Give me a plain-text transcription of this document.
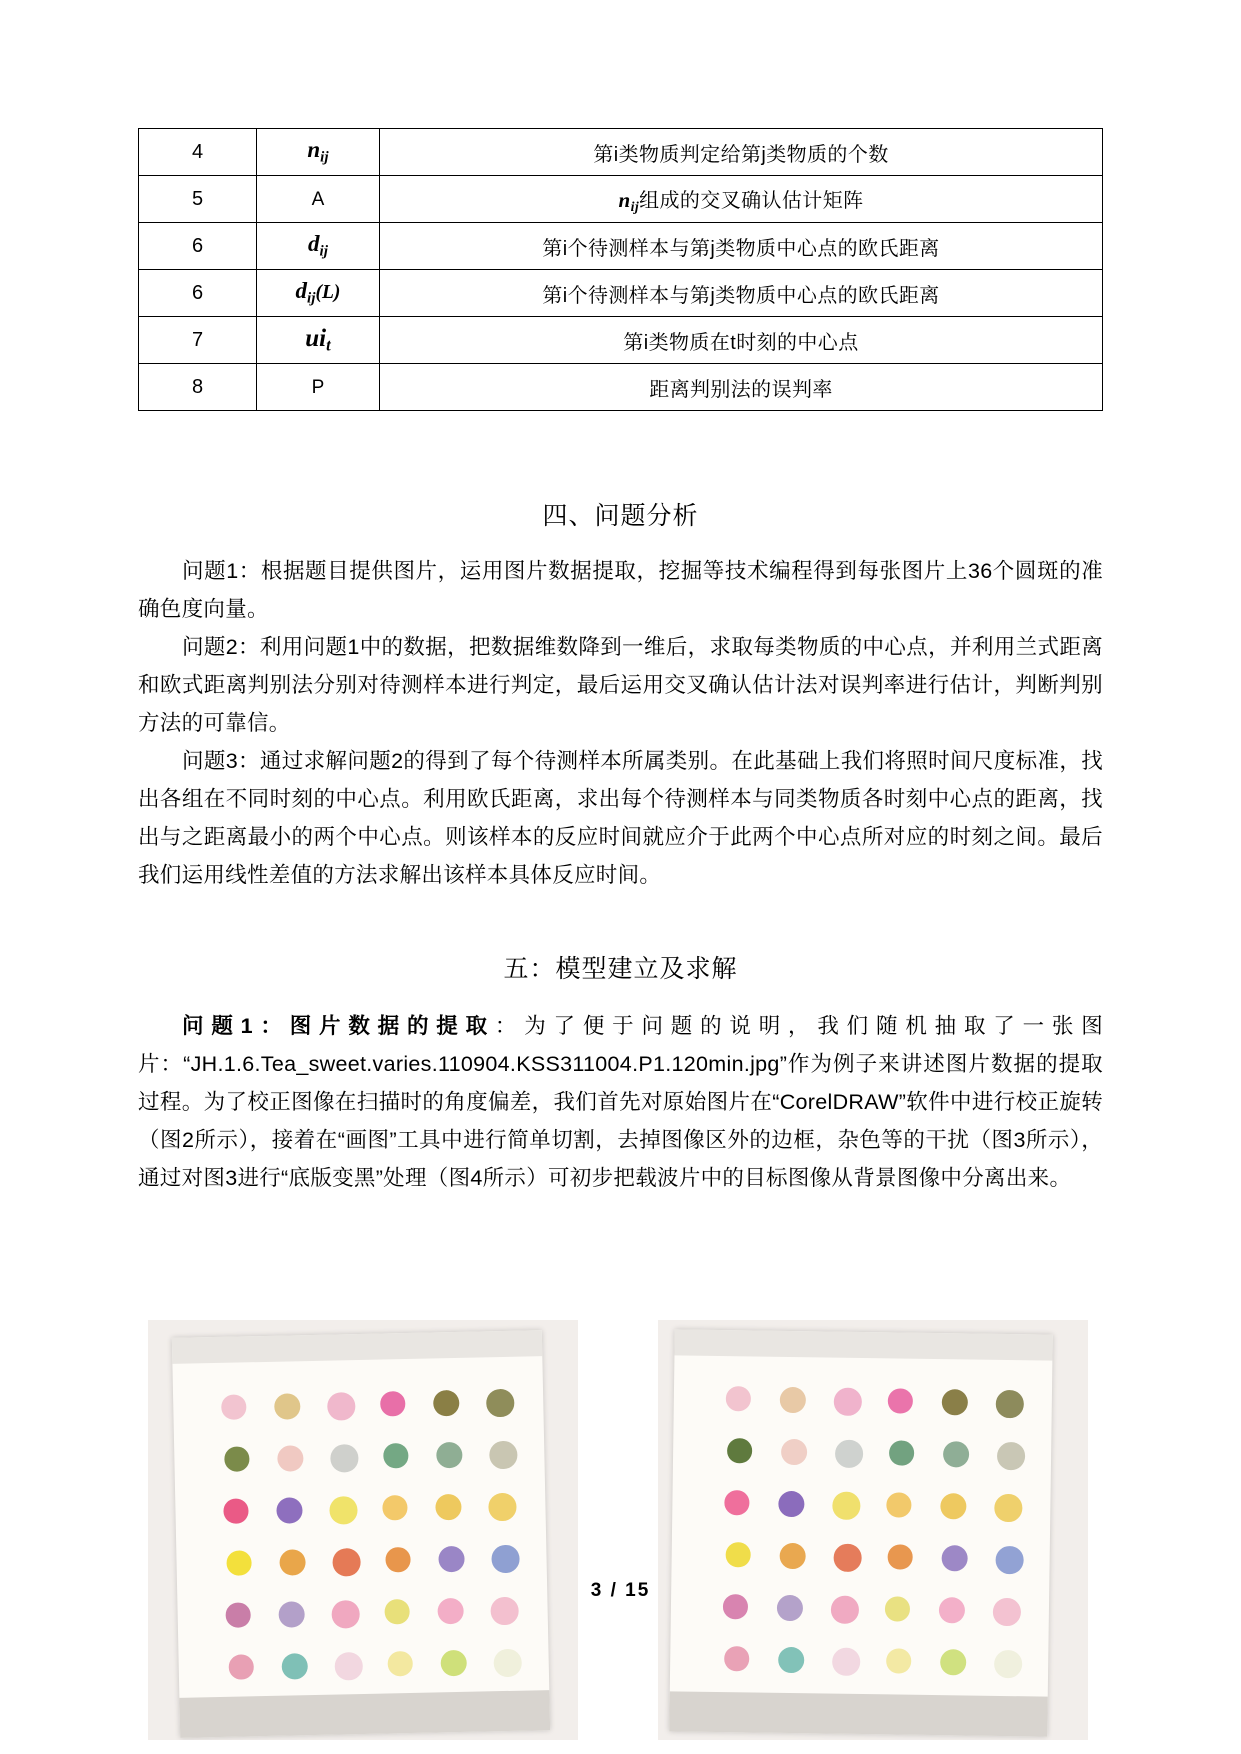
4	$n_{ij}$	第i类物质判定给第j类物质的个数
5	A	$n_{ij}$组成的交叉确认估计矩阵
6	$d_{ij}$	第i个待测样本与第j类物质中心点的欧氏距离
6	$d_{ij}(L)$	第i个待测样本与第j类物质中心点的欧氏距离
7	$ui_t$	第i类物质在t时刻的中心点
8	P	距离判别法的误判率
四、问题分析

问题1：根据题目提供图片，运用图片数据提取，挖掘等技术编程得到每张图片上36个圆斑的准确色度向量。

问题2：利用问题1中的数据，把数据维数降到一维后，求取每类物质的中心点，并利用兰式距离和欧式距离判别法分别对待测样本进行判定，最后运用交叉确认估计法对误判率进行估计，判断判别方法的可靠信。

问题3：通过求解问题2的得到了每个待测样本所属类别。在此基础上我们将照时间尺度标准，找出各组在不同时刻的中心点。利用欧氏距离，求出每个待测样本与同类物质各时刻中心点的距离，找出与之距离最小的两个中心点。则该样本的反应时间就应介于此两个中心点所对应的时刻之间。最后我们运用线性差值的方法求解出该样本具体反应时间。

五：模型建立及求解

问题1：图片数据的提取：为了便于问题的说明，我们随机抽取了一张图片：“JH.1.6.Tea_sweet.varies.110904.KSS311004.P1.120min.jpg”作为例子来讲述图片数据的提取过程。为了校正图像在扫描时的角度偏差，我们首先对原始图片在“CorelDRAW”软件中进行校正旋转（图2所示），接着在“画图”工具中进行简单切割，去掉图像区外的边框，杂色等的干扰（图3所示），通过对图3进行“底版变黑”处理（图4所示）可初步把载波片中的目标图像从背景图像中分离出来。

3 / 15
